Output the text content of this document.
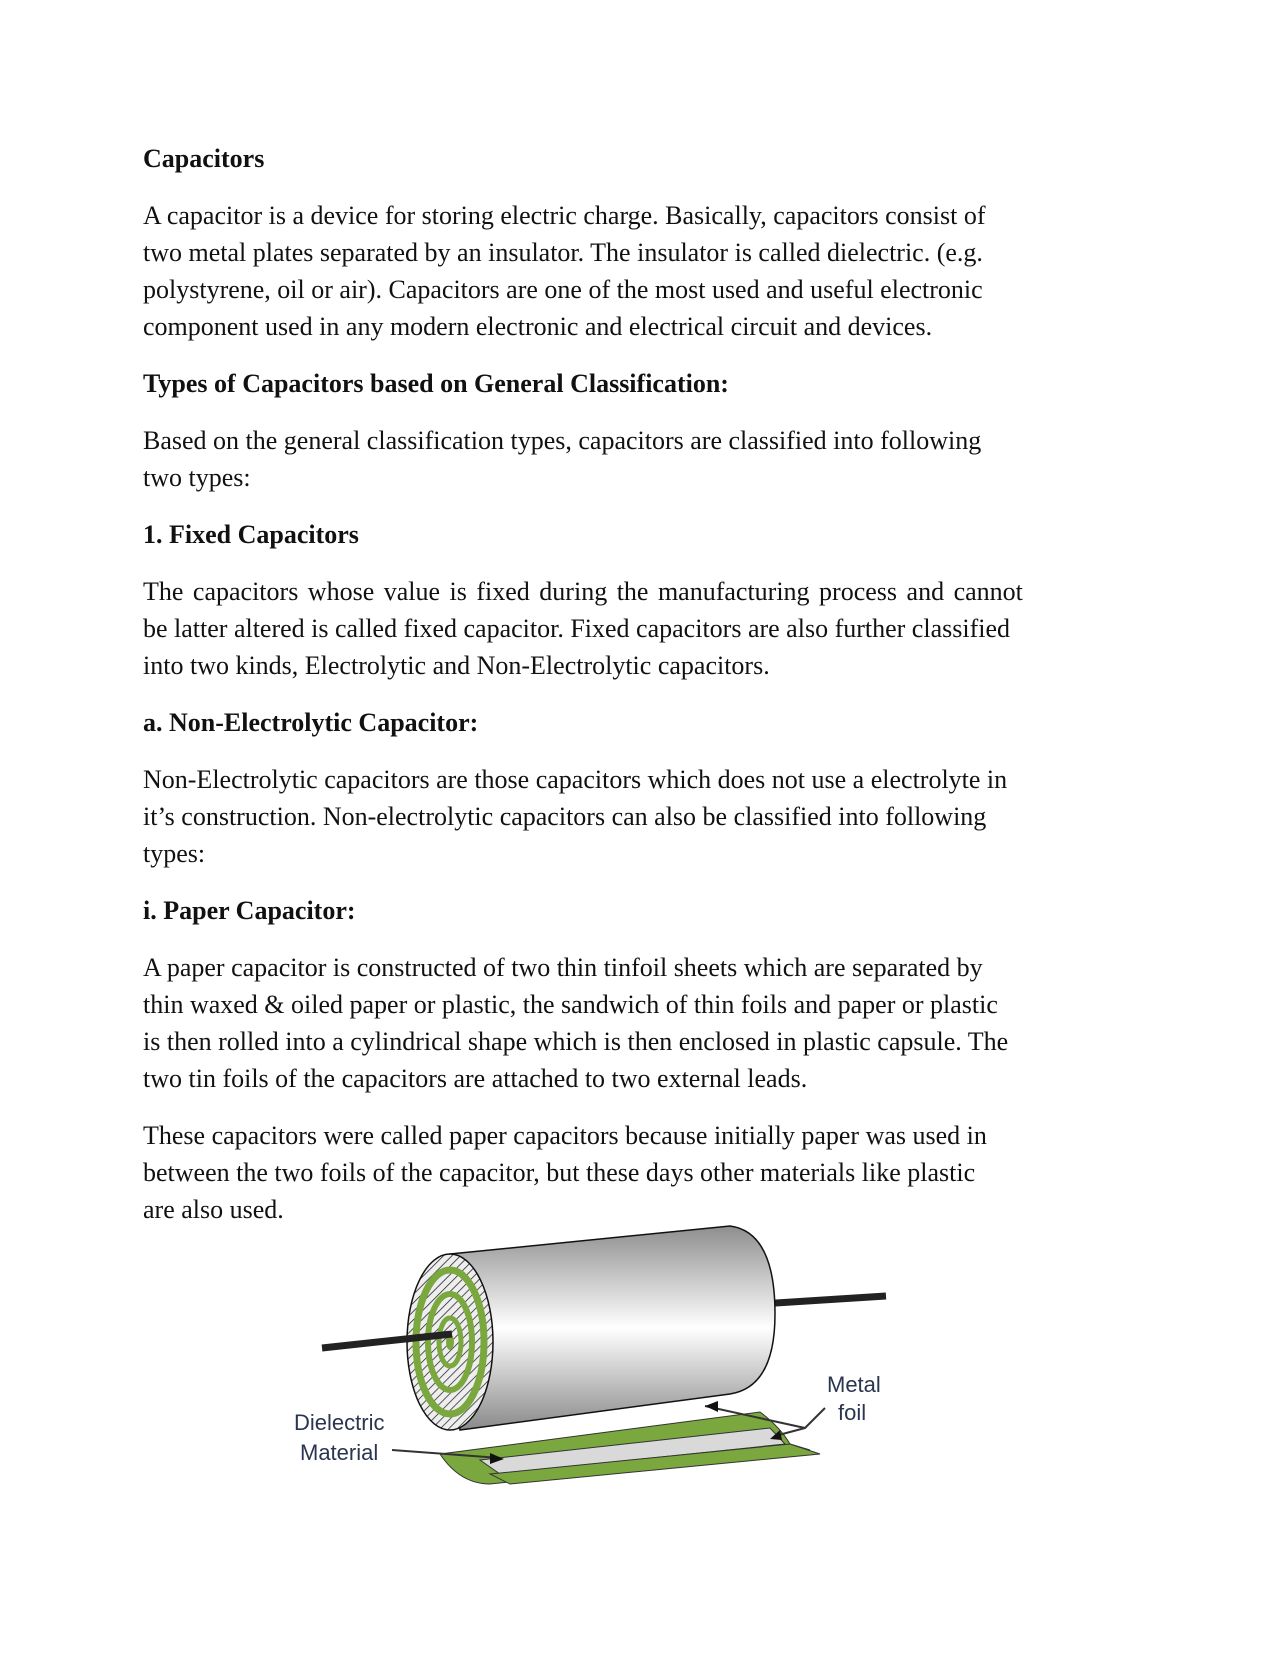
Capacitors
A capacitor is a device for storing electric charge. Basically, capacitors consist of
two metal plates separated by an insulator. The insulator is called dielectric. (e.g.
polystyrene, oil or air). Capacitors are one of the most used and useful electronic
component used in any modern electronic and electrical circuit and devices.
Types of Capacitors based on General Classification:
Based on the general classification types, capacitors are classified into following
two types:
1. Fixed Capacitors
The capacitors whose value is fixed during the manufacturing process and cannot
be latter altered is called fixed capacitor. Fixed capacitors are also further classified
into two kinds, Electrolytic and Non-Electrolytic capacitors.
a. Non-Electrolytic Capacitor:
Non-Electrolytic capacitors are those capacitors which does not use a electrolyte in
it’s construction. Non-electrolytic capacitors can also be classified into following
types:
i. Paper Capacitor:
A paper capacitor is constructed of two thin tinfoil sheets which are separated by
thin waxed & oiled paper or plastic, the sandwich of thin foils and paper or plastic
is then rolled into a cylindrical shape which is then enclosed in plastic capsule. The
two tin foils of the capacitors are attached to two external leads.
These capacitors were called paper capacitors because initially paper was used in
between the two foils of the capacitor, but these days other materials like plastic
are also used.
Metal
foil
Dielectric
Material
